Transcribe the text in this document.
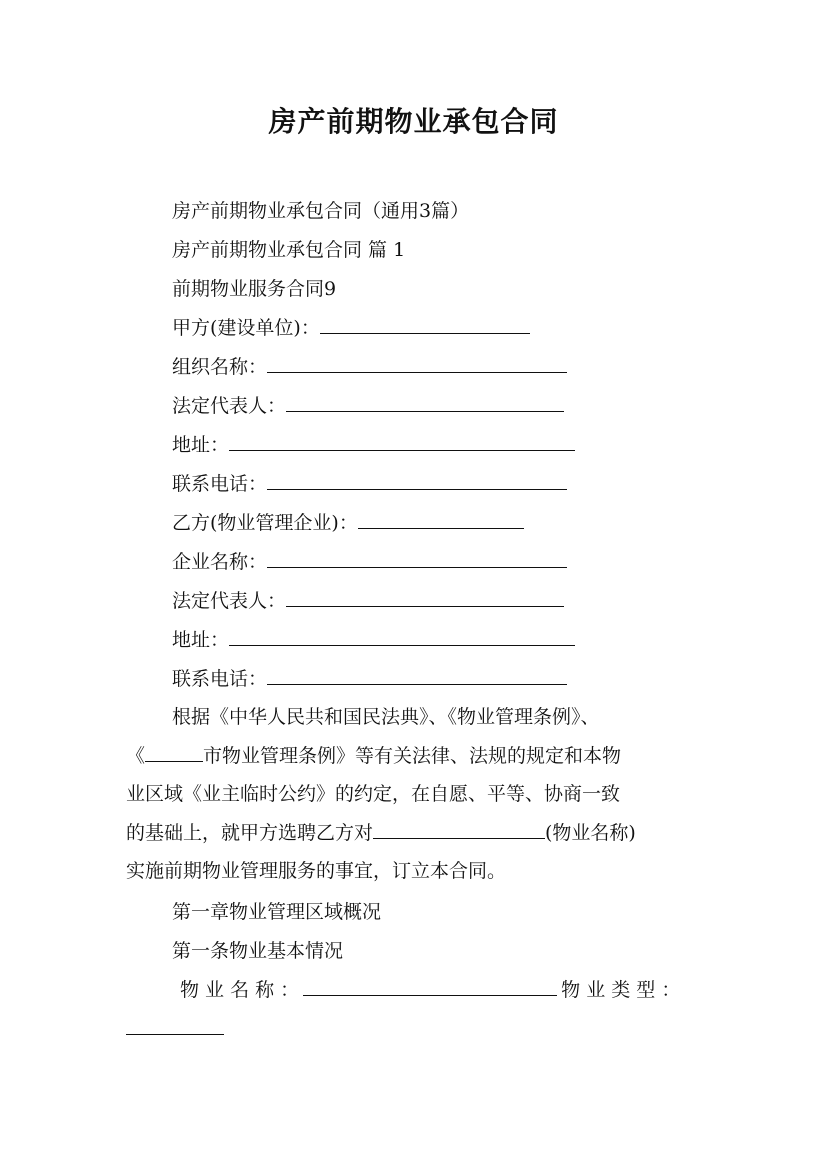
房产前期物业承包合同
房产前期物业承包合同（通用3篇）
房产前期物业承包合同 篇 1
前期物业服务合同9
甲方(建设单位)：
组织名称：
法定代表人：
地址：
联系电话：
乙方(物业管理企业)：
企业名称：
法定代表人：
地址：
联系电话：
根据《中华人民共和国民法典》、《物业管理条例》、
《	市物业管理条例》等有关法律、法规的规定和本物
业区域《业主临时公约》的约定，在自愿、平等、协商一致
的基础上，就甲方选聘乙方对	(物业名称)
实施前期物业管理服务的事宜，订立本合同。
第一章物业管理区域概况
第一条物业基本情况
物 业 名 称 ：	物 业 类 型 ：
